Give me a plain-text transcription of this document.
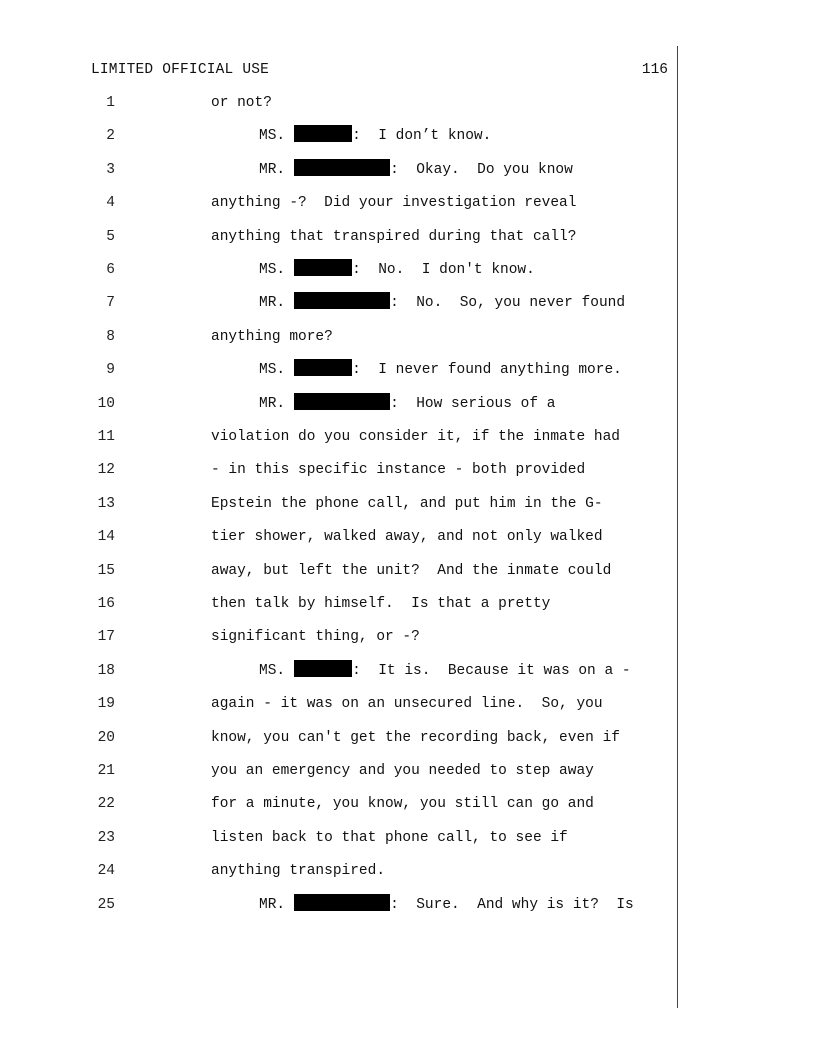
LIMITED OFFICIAL USE	116
1	or not?
2	MS.	:  I don’t know.
3	MR.	:  Okay.  Do you know
4	anything -?  Did your investigation reveal
5	anything that transpired during that call?
6	MS.	:  No.  I don't know.
7	MR.	:  No.  So, you never found
8	anything more?
9	MS.	:  I never found anything more.
10	MR.	:  How serious of a
11	violation do you consider it, if the inmate had
12	- in this specific instance - both provided
13	Epstein the phone call, and put him in the G-
14	tier shower, walked away, and not only walked
15	away, but left the unit?  And the inmate could
16	then talk by himself.  Is that a pretty
17	significant thing, or -?
18	MS.	:  It is.  Because it was on a -
19	again - it was on an unsecured line.  So, you
20	know, you can't get the recording back, even if
21	you an emergency and you needed to step away
22	for a minute, you know, you still can go and
23	listen back to that phone call, to see if
24	anything transpired.
25	MR.	:  Sure.  And why is it?  Is
